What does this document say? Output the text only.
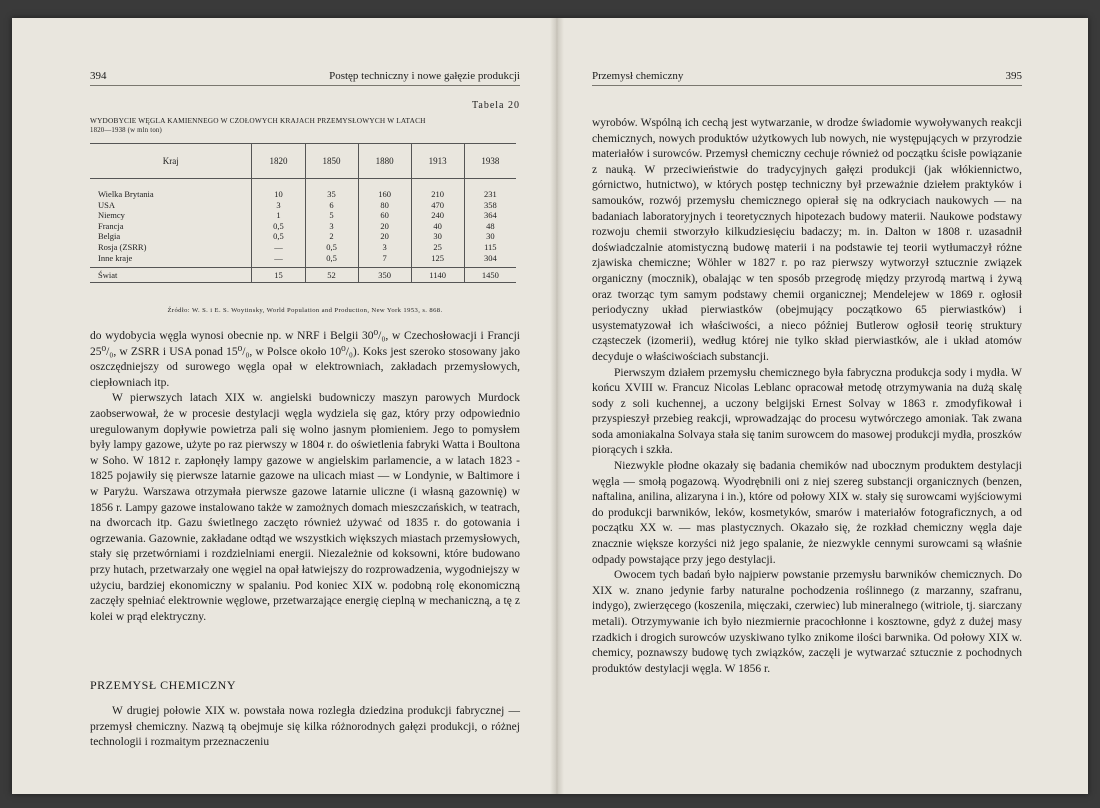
394	Postęp techniczny i nowe gałęzie produkcji
Tabela 20
WYDOBYCIE WĘGLA KAMIENNEGO W CZOŁOWYCH KRAJACH PRZEMYSŁOWYCH W LATACH
1820—1938 (w mln ton)
Kraj	1820	1850	1880	1913	1938
Wielka Brytania	10	35	160	210	231
USA	3	6	80	470	358
Niemcy	1	5	60	240	364
Francja	0,5	3	20	40	48
Belgia	0,5	2	20	30	30
Rosja (ZSRR)	—	0,5	3	25	115
Inne kraje	—	0,5	7	125	304

Świat	15	52	350	1140	1450
Źródło: W. S. i E. S. Woytinsky, World Population and Production, New York 1953, s. 868.

do wydobycia węgla wynosi obecnie np. w NRF i Belgii 30⁰/₀, w Czechosłowacji i Francji 25⁰/₀, w ZSRR i USA ponad 15⁰/₀, w Polsce około 10⁰/₀). Koks jest szeroko stosowany jako oszczędniejszy od surowego węgla opał w elektrowniach, zakładach przemysłowych, ciepłowniach itp.

W pierwszych latach XIX w. angielski budowniczy maszyn parowych Murdock zaobserwował, że w procesie destylacji węgla wydziela się gaz, który przy odpowiednio uregulowanym dopływie powietrza pali się wolno jasnym płomieniem. Jego to pomysłem były lampy gazowe, użyte po raz pierwszy w 1804 r. do oświetlenia fabryki Watta i Boultona w Soho. W 1812 r. zapłonęły lampy gazowe w angielskim parlamencie, a w latach 1823 - 1825 pojawiły się pierwsze latarnie gazowe na ulicach miast — w Londynie, w Baltimore i w Paryżu. Warszawa otrzymała pierwsze gazowe latarnie uliczne (i własną gazownię) w 1856 r. Lampy gazowe instalowano także w zamożnych domach mieszczańskich, w teatrach, na dworcach itp. Gazu świetlnego zaczęto również używać od 1835 r. do gotowania i ogrzewania. Gazownie, zakładane odtąd we wszystkich większych miastach przemysłowych, stały się przetwórniami i rozdzielniami energii. Niezależnie od koksowni, które budowano przy hutach, przetwarzały one węgiel na opał łatwiejszy do rozprowadzenia, wygodniejszy w użyciu, bardziej ekonomiczny w spalaniu. Pod koniec XIX w. podobną rolę ekonomiczną zaczęły spełniać elektrownie węglowe, przetwarzające energię cieplną w mechaniczną, a tę z kolei w prąd elektryczny.

PRZEMYSŁ CHEMICZNY

W drugiej połowie XIX w. powstała nowa rozległa dziedzina produkcji fabrycznej — przemysł chemiczny. Nazwą tą obejmuje się kilka różnorodnych gałęzi produkcji, o różnej technologii i rozmaitym przeznaczeniu

Przemysł chemiczny	395

wyrobów. Wspólną ich cechą jest wytwarzanie, w drodze świadomie wywoływanych reakcji chemicznych, nowych produktów użytkowych lub nowych, nie występujących w przyrodzie materiałów i surowców. Przemysł chemiczny cechuje również od początku ścisłe powiązanie z nauką. W przeciwieństwie do tradycyjnych gałęzi produkcji (jak włókiennictwo, górnictwo, hutnictwo), w których postęp techniczny był przeważnie dziełem praktyków i samouków, rozwój przemysłu chemicznego opierał się na odkryciach naukowych — na badaniach laboratoryjnych i teoretycznych hipotezach budowy materii. Naukowe podstawy rozwoju chemii stworzyło kilkudziesięciu badaczy; m. in. Dalton w 1808 r. uzasadnił doświadczalnie atomistyczną budowę materii i na podstawie tej teorii wytłumaczył różne zjawiska chemiczne; Wöhler w 1827 r. po raz pierwszy wytworzył sztucznie związek organiczny (mocznik), obalając w ten sposób przegrodę między przyrodą martwą i żywą oraz tworząc tym samym podstawy chemii organicznej; Mendelejew w 1869 r. ogłosił periodyczny układ pierwiastków (obejmujący początkowo 65 pierwiastków) i usystematyzował ich właściwości, a nieco później Butlerow ogłosił teorię struktury cząsteczek (izomerii), według której nie tylko skład pierwiastków, ale i układ atomów decyduje o właściwościach substancji.

Pierwszym działem przemysłu chemicznego była fabryczna produkcja sody i mydła. W końcu XVIII w. Francuz Nicolas Leblanc opracował metodę otrzymywania na dużą skalę sody z soli kuchennej, a uczony belgijski Ernest Solvay w 1863 r. zmodyfikował i przyspieszył przebieg reakcji, wprowadzając do procesu wytwórczego amoniak. Tak zwana soda amoniakalna Solvaya stała się tanim surowcem do masowej produkcji mydła, proszków piorących i szkła.

Niezwykle płodne okazały się badania chemików nad ubocznym produktem destylacji węgla — smołą pogazową. Wyodrębnili oni z niej szereg substancji organicznych (benzen, naftalina, anilina, alizaryna i in.), które od połowy XIX w. stały się surowcami wyjściowymi do produkcji barwników, leków, kosmetyków, smarów i materiałów fotograficznych, a od początku XX w. — mas plastycznych. Okazało się, że rozkład chemiczny węgla daje znacznie większe korzyści niż jego spalanie, że niezwykle cennymi surowcami są właśnie odpady powstające przy jego destylacji.

Owocem tych badań było najpierw powstanie przemysłu barwników chemicznych. Do XIX w. znano jedynie farby naturalne pochodzenia roślinnego (z marzanny, szafranu, indygo), zwierzęcego (koszenila, mięczaki, czerwiec) lub mineralnego (witriole, tj. siarczany metali). Otrzymywanie ich było niezmiernie pracochłonne i kosztowne, gdyż z dużej masy rzadkich i drogich surowców uzyskiwano tylko znikome ilości barwnika. Od połowy XIX w. chemicy, poznawszy budowę tych związków, zaczęli je wytwarzać sztucznie z pochodnych produktów destylacji węgla. W 1856 r.
